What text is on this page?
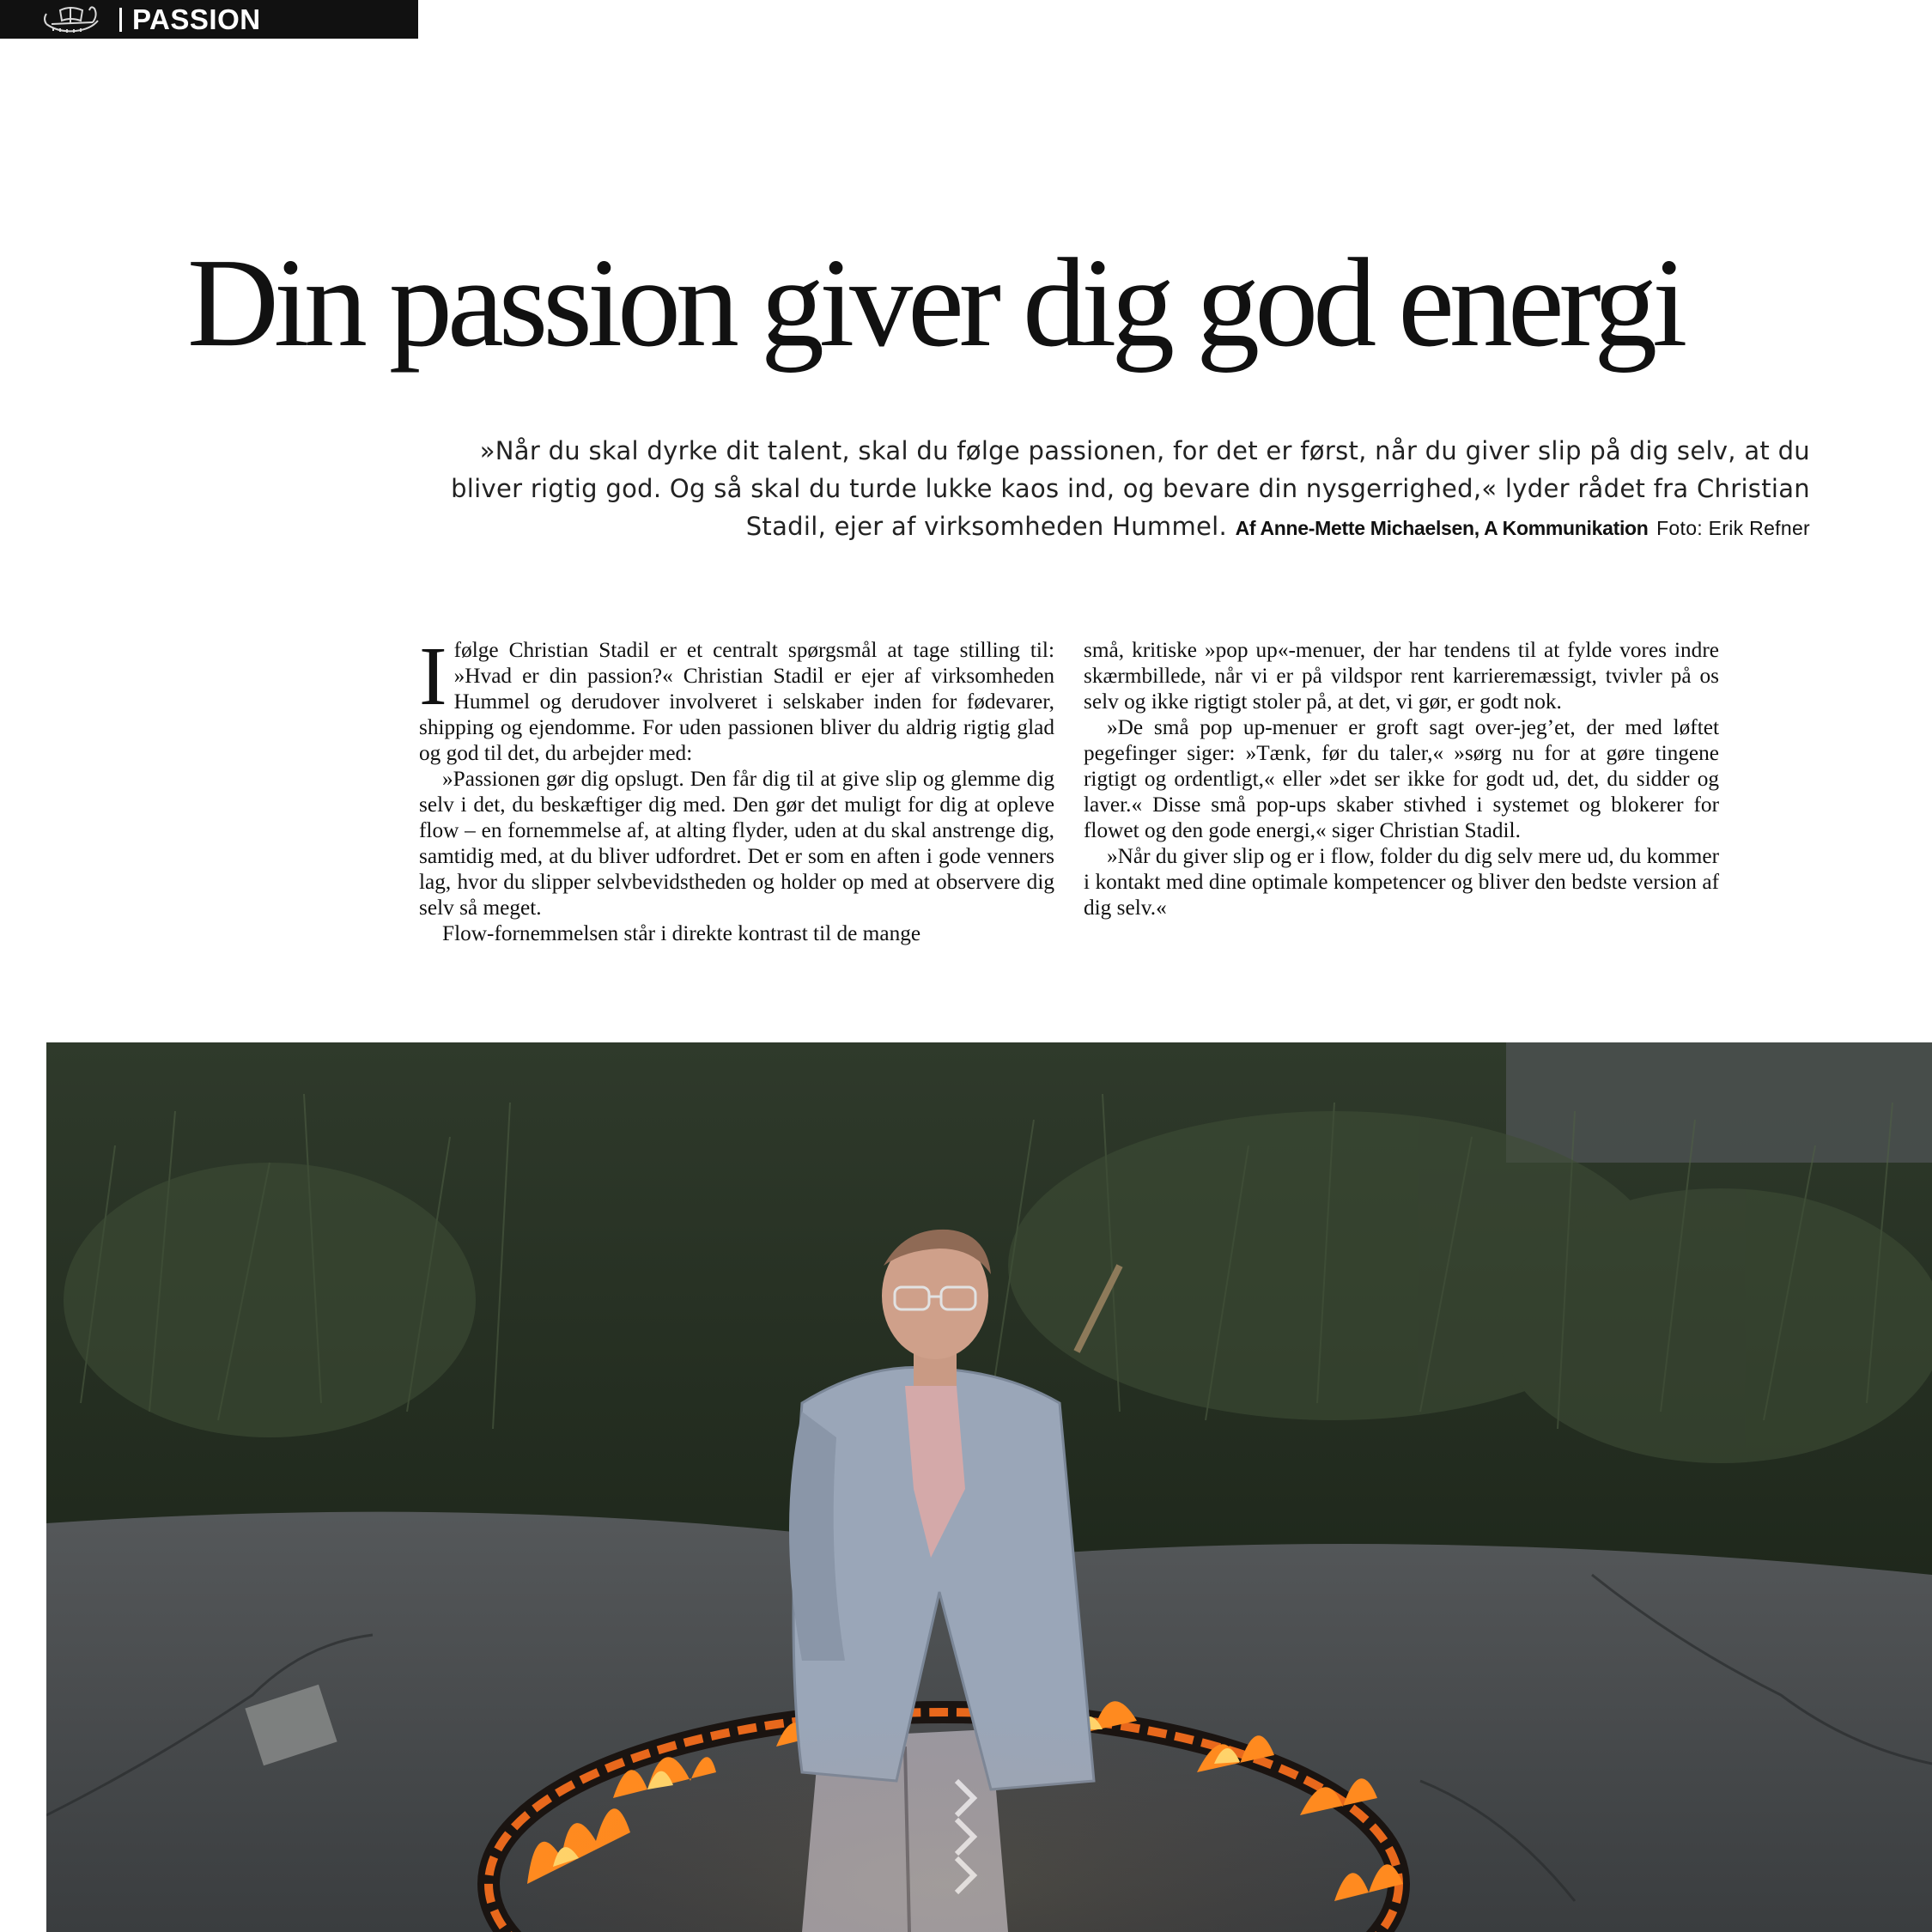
PASSION
Din passion giver dig god energi
»Når du skal dyrke dit talent, skal du følge passionen, for det er først, når du giver slip på dig selv, at du bliver rigtig god. Og så skal du turde lukke kaos ind, og bevare din nysgerrighed,« lyder rådet fra Christian Stadil, ejer af virksomheden Hummel. Af Anne-Mette Michaelsen, A Kommunikation Foto: Erik Refner

Ifølge Christian Stadil er et centralt spørgsmål at tage stilling til: »Hvad er din passion?« Christian Stadil er ejer af virksomheden Hummel og derudover involveret i selskaber inden for fødevarer, shipping og ejendomme. For uden passionen bliver du aldrig rigtig glad og god til det, du arbejder med:

»Passionen gør dig opslugt. Den får dig til at give slip og glemme dig selv i det, du beskæftiger dig med. Den gør det muligt for dig at opleve flow – en fornemmelse af, at alting flyder, uden at du skal anstrenge dig, samtidig med, at du bliver udfordret. Det er som en aften i gode venners lag, hvor du slipper selvbevidstheden og holder op med at observere dig selv så meget.

Flow-fornemmelsen står i direkte kontrast til de mange

små, kritiske »pop up«-menuer, der har tendens til at fylde vores indre skærmbillede, når vi er på vildspor rent karrieremæssigt, tvivler på os selv og ikke rigtigt stoler på, at det, vi gør, er godt nok.

»De små pop up-menuer er groft sagt over-jeg’et, der med løftet pegefinger siger: »Tænk, før du taler,« »sørg nu for at gøre tingene rigtigt og ordentligt,« eller »det ser ikke for godt ud, det, du sidder og laver.« Disse små pop-ups skaber stivhed i systemet og blokerer for flowet og den gode energi,« siger Christian Stadil.

»Når du giver slip og er i flow, folder du dig selv mere ud, du kommer i kontakt med dine optimale kompetencer og bliver den bedste version af dig selv.«
